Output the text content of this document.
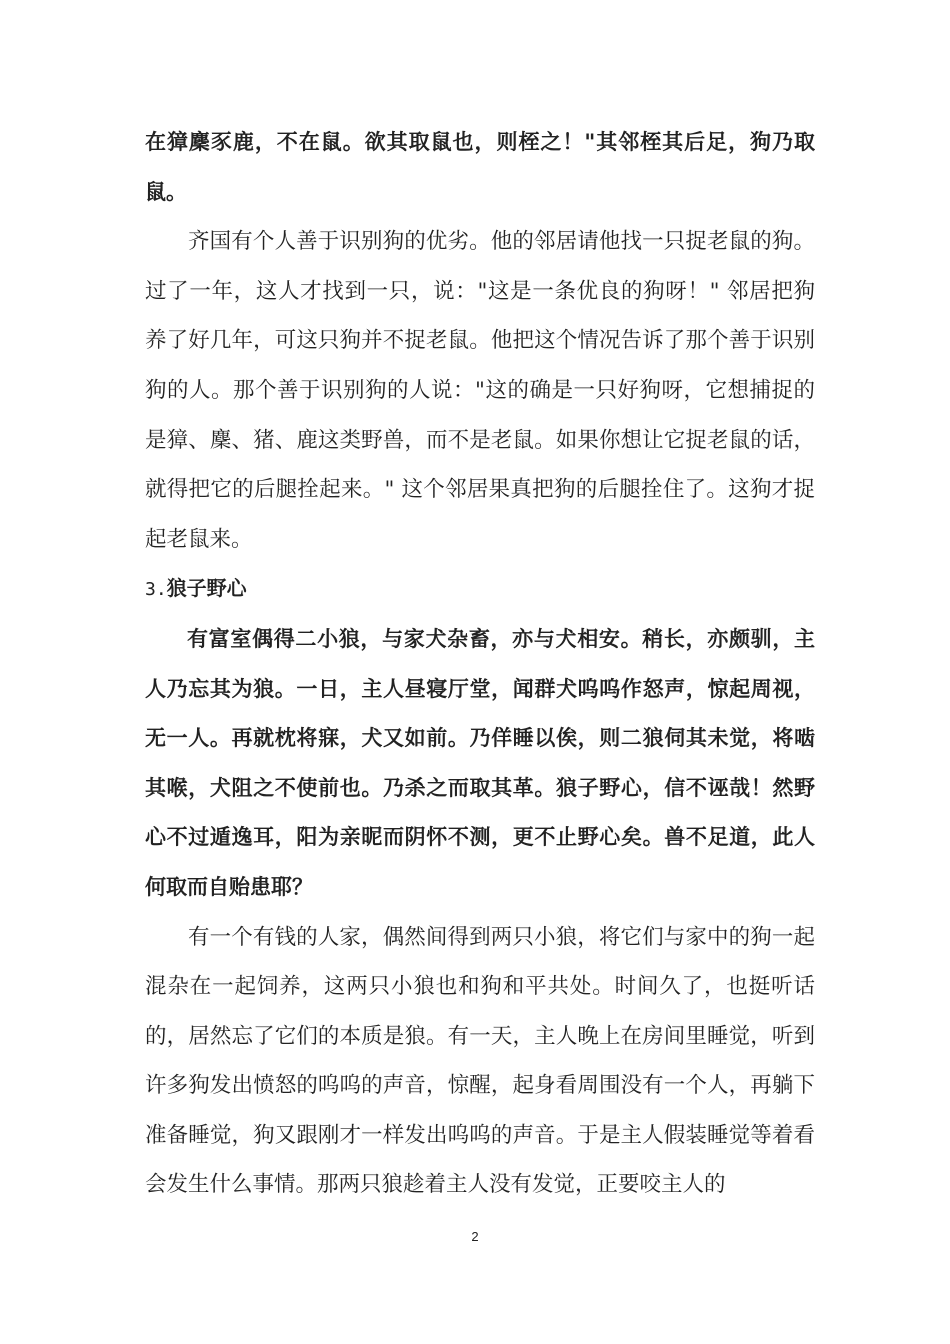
在獐麇豕鹿，不在鼠。欲其取鼠也，则桎之！"其邻桎其后足，狗乃取鼠。

齐国有个人善于识别狗的优劣。他的邻居请他找一只捉老鼠的狗。过了一年，这人才找到一只，说："这是一条优良的狗呀！" 邻居把狗养了好几年，可这只狗并不捉老鼠。他把这个情况告诉了那个善于识别狗的人。那个善于识别狗的人说："这的确是一只好狗呀，它想捕捉的是獐、麇、猪、鹿这类野兽，而不是老鼠。如果你想让它捉老鼠的话，就得把它的后腿拴起来。" 这个邻居果真把狗的后腿拴住了。这狗才捉起老鼠来。

3.狼子野心

有富室偶得二小狼，与家犬杂畜，亦与犬相安。稍长，亦颇驯，主人乃忘其为狼。一日，主人昼寝厅堂，闻群犬呜呜作怒声，惊起周视，无一人。再就枕将寐，犬又如前。乃佯睡以俟，则二狼伺其未觉，将啮其喉，犬阻之不使前也。乃杀之而取其革。狼子野心，信不诬哉！然野心不过遁逸耳，阳为亲昵而阴怀不测，更不止野心矣。兽不足道，此人何取而自贻患耶？

有一个有钱的人家，偶然间得到两只小狼，将它们与家中的狗一起混杂在一起饲养，这两只小狼也和狗和平共处。时间久了，也挺听话的，居然忘了它们的本质是狼。有一天，主人晚上在房间里睡觉，听到许多狗发出愤怒的呜呜的声音，惊醒，起身看周围没有一个人，再躺下准备睡觉，狗又跟刚才一样发出呜呜的声音。于是主人假装睡觉等着看会发生什么事情。那两只狼趁着主人没有发觉，正要咬主人的

2
